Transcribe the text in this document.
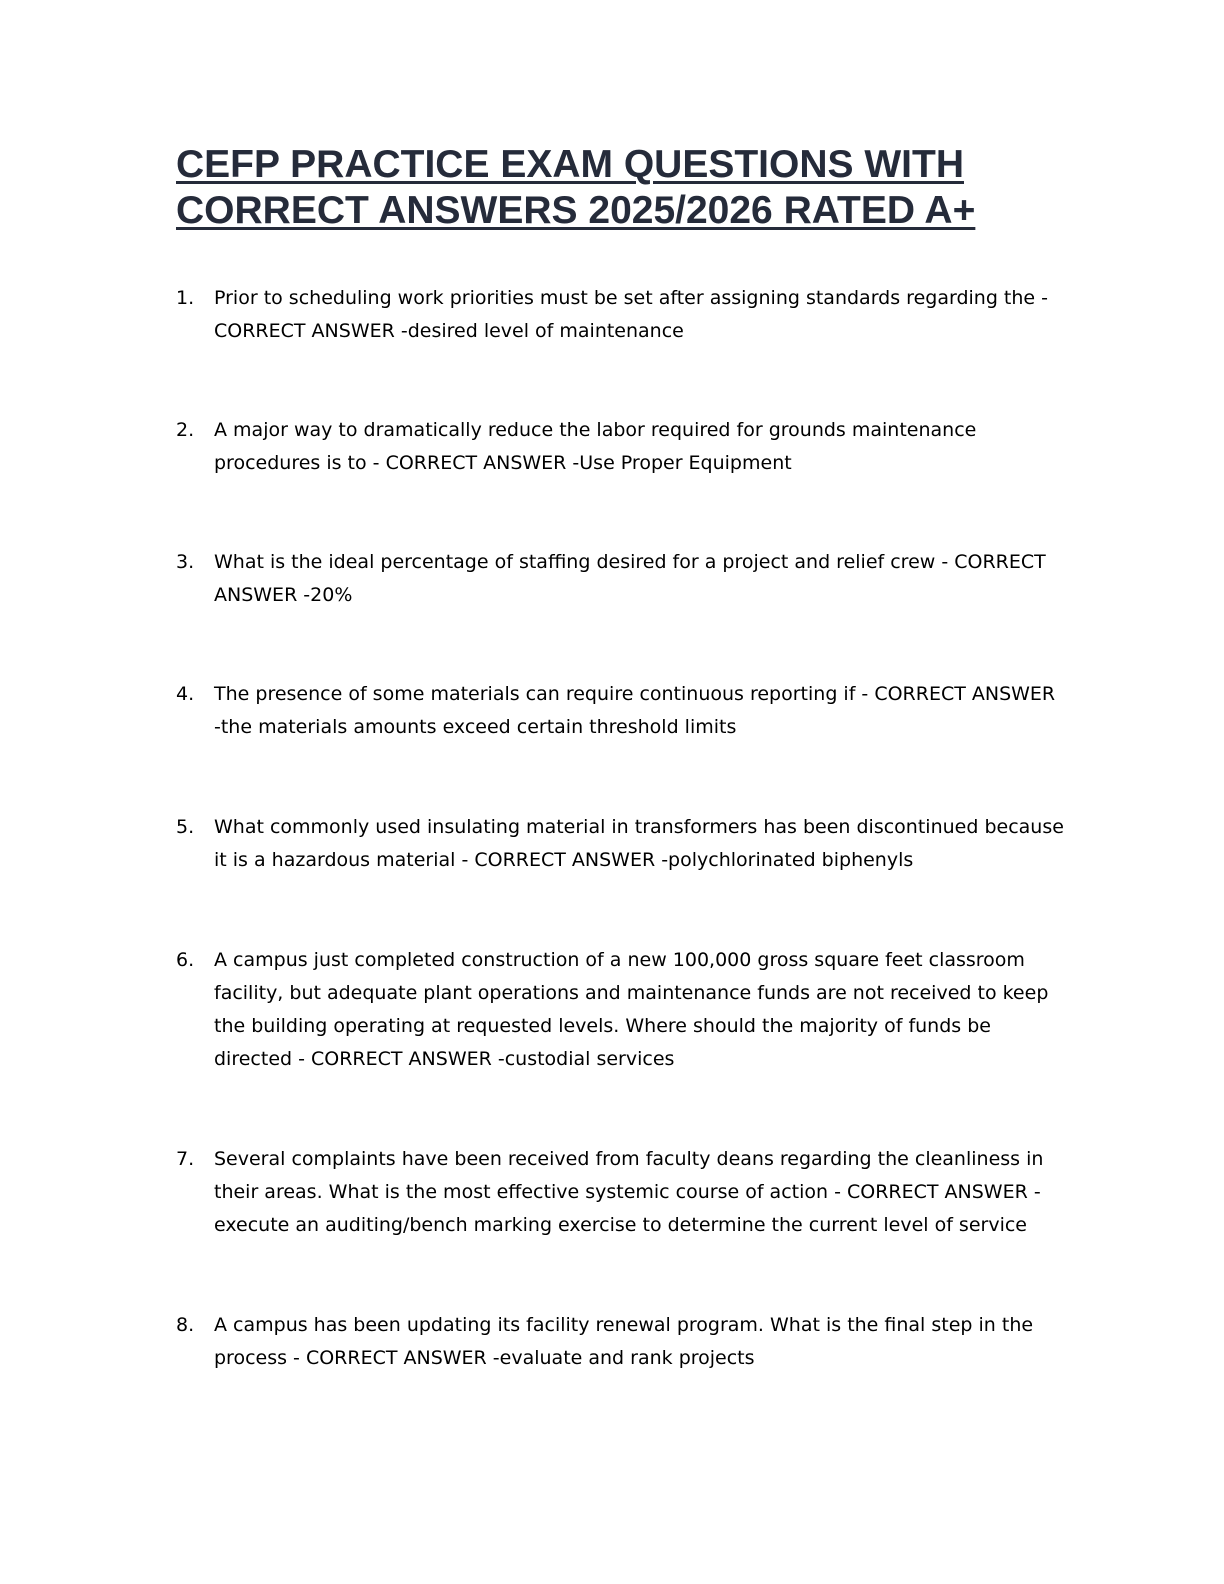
CEFP PRACTICE EXAM QUESTIONS WITH
CORRECT ANSWERS 2025/2026 RATED A+
1.	Prior to scheduling work priorities must be set after assigning standards regarding the -
CORRECT ANSWER -desired level of maintenance
2.	A major way to dramatically reduce the labor required for grounds maintenance
procedures is to - CORRECT ANSWER -Use Proper Equipment
3.	What is the ideal percentage of staffing desired for a project and relief crew - CORRECT
ANSWER -20%
4.	The presence of some materials can require continuous reporting if - CORRECT ANSWER
-the materials amounts exceed certain threshold limits
5.	What commonly used insulating material in transformers has been discontinued because
it is a hazardous material - CORRECT ANSWER -polychlorinated biphenyls
6.	A campus just completed construction of a new 100,000 gross square feet classroom
facility, but adequate plant operations and maintenance funds are not received to keep
the building operating at requested levels. Where should the majority of funds be
directed - CORRECT ANSWER -custodial services
7.	Several complaints have been received from faculty deans regarding the cleanliness in
their areas. What is the most effective systemic course of action - CORRECT ANSWER -
execute an auditing/bench marking exercise to determine the current level of service
8.	A campus has been updating its facility renewal program. What is the final step in the
process - CORRECT ANSWER -evaluate and rank projects
